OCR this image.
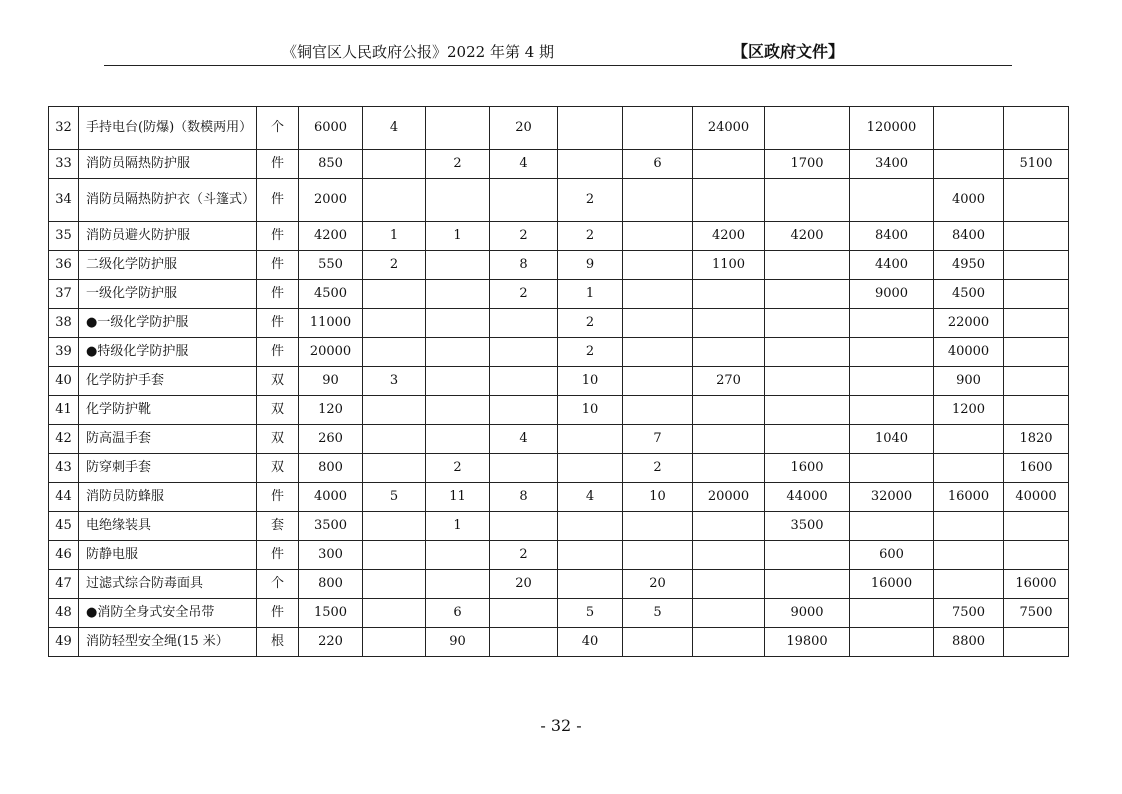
《铜官区人民政府公报》2022 年第 4 期	【区政府文件】
32	手持电台(防爆)（数模两用）	个	6000	4		20			24000		120000		
33	消防员隔热防护服	件	850		2	4		6		1700	3400		5100
34	消防员隔热防护衣（斗篷式）	件	2000				2					4000	
35	消防员避火防护服	件	4200	1	1	2	2		4200	4200	8400	8400	
36	二级化学防护服	件	550	2		8	9		1100		4400	4950	
37	一级化学防护服	件	4500			2	1				9000	4500	
38	●一级化学防护服	件	11000				2					22000	
39	●特级化学防护服	件	20000				2					40000	
40	化学防护手套	双	90	3			10		270			900	
41	化学防护靴	双	120				10					1200	
42	防高温手套	双	260			4		7			1040		1820
43	防穿刺手套	双	800		2			2		1600			1600
44	消防员防蜂服	件	4000	5	11	8	4	10	20000	44000	32000	16000	40000
45	电绝缘装具	套	3500		1					3500			
46	防静电服	件	300			2					600		
47	过滤式综合防毒面具	个	800			20		20			16000		16000
48	●消防全身式安全吊带	件	1500		6		5	5		9000		7500	7500
49	消防轻型安全绳(15 米）	根	220		90		40			19800		8800	
- 32 -
